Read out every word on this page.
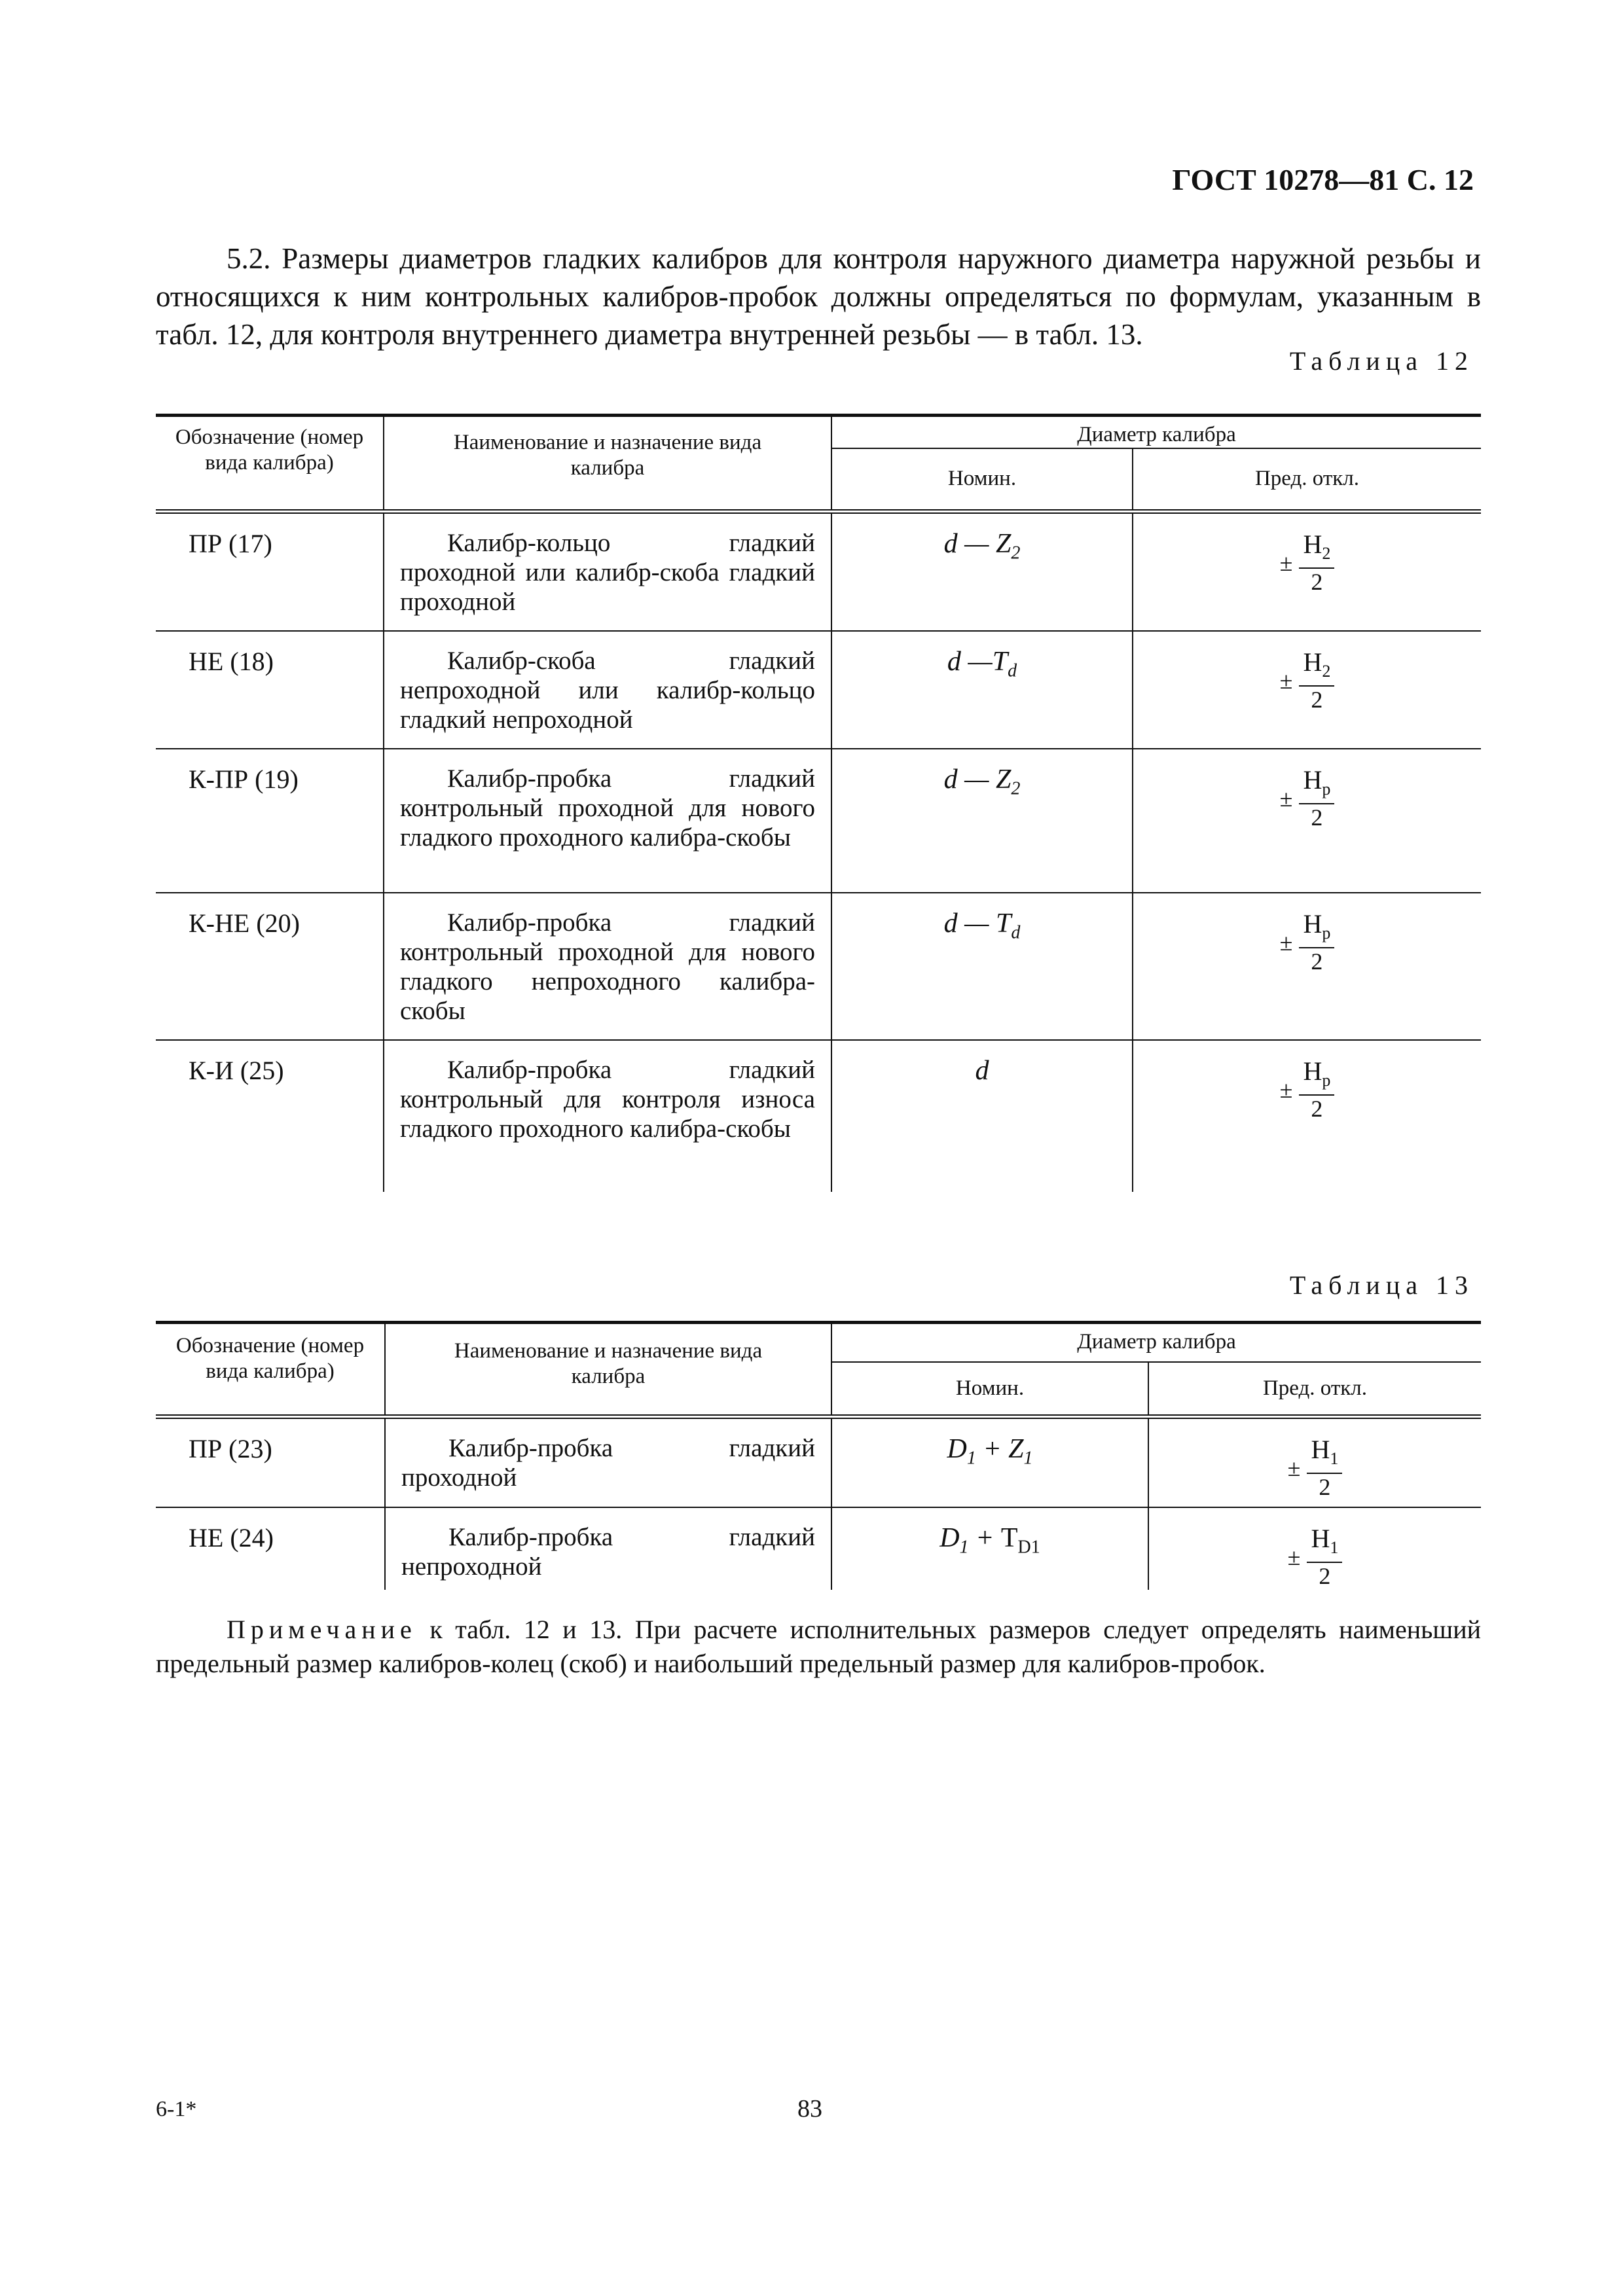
ГОСТ 10278—81 С. 12

5.2. Размеры диаметров гладких калибров для контроля наружного диаметра наружной резьбы и относящихся к ним контрольных калибров-пробок должны определяться по формулам, указанным в табл. 12, для контроля внутреннего диаметра внутренней резьбы — в табл. 13.

Таблица 12
Обозначение (номер вида калибра)	Наименование и назначение вида калибра	Диаметр калибра	
		Номин.	Пред. откл.
ПР (17)	Калибр-кольцо гладкий проходной или калибр-скоба гладкий проходной	d — $Z_2$	± $\frac{H_2}{2}$

НЕ (18)	Калибр-скоба гладкий непроходной или калибр-кольцо гладкий непроходной	d $—T_d$	± $\frac{H_2}{2}$

К-ПР (19)	Калибр-пробка гладкий контрольный проходной для нового гладкого проходного калибра-скобы	d — $Z_2$	± $\frac{H_p}{2}$

К-НЕ (20)	Калибр-пробка гладкий контрольный проходной для нового гладкого непроходного калибра-скобы	d — $T_d$	± $\frac{H_p}{2}$

К-И (25)	Калибр-пробка гладкий контрольный для контроля износа гладкого проходного калибра-скобы	d	± $\frac{H_p}{2}$
Таблица 13
Обозначение (номер вида калибра)	Наименование и назначение вида калибра	Диаметр калибра	
		Номин.	Пред. откл.
ПР (23)	Калибр-пробка гладкий проходной	$D_1 + Z_1$	± $\frac{H_1}{2}$

НЕ (24)	Калибр-пробка гладкий непроходной	$D_1 + T_{D1}$	± $\frac{H_1}{2}$

Примечание к табл. 12 и 13. При расчете исполнительных размеров следует определять наименьший предельный размер калибров-колец (скоб) и наибольший предельный размер для калибров-пробок.

6-1*	83
